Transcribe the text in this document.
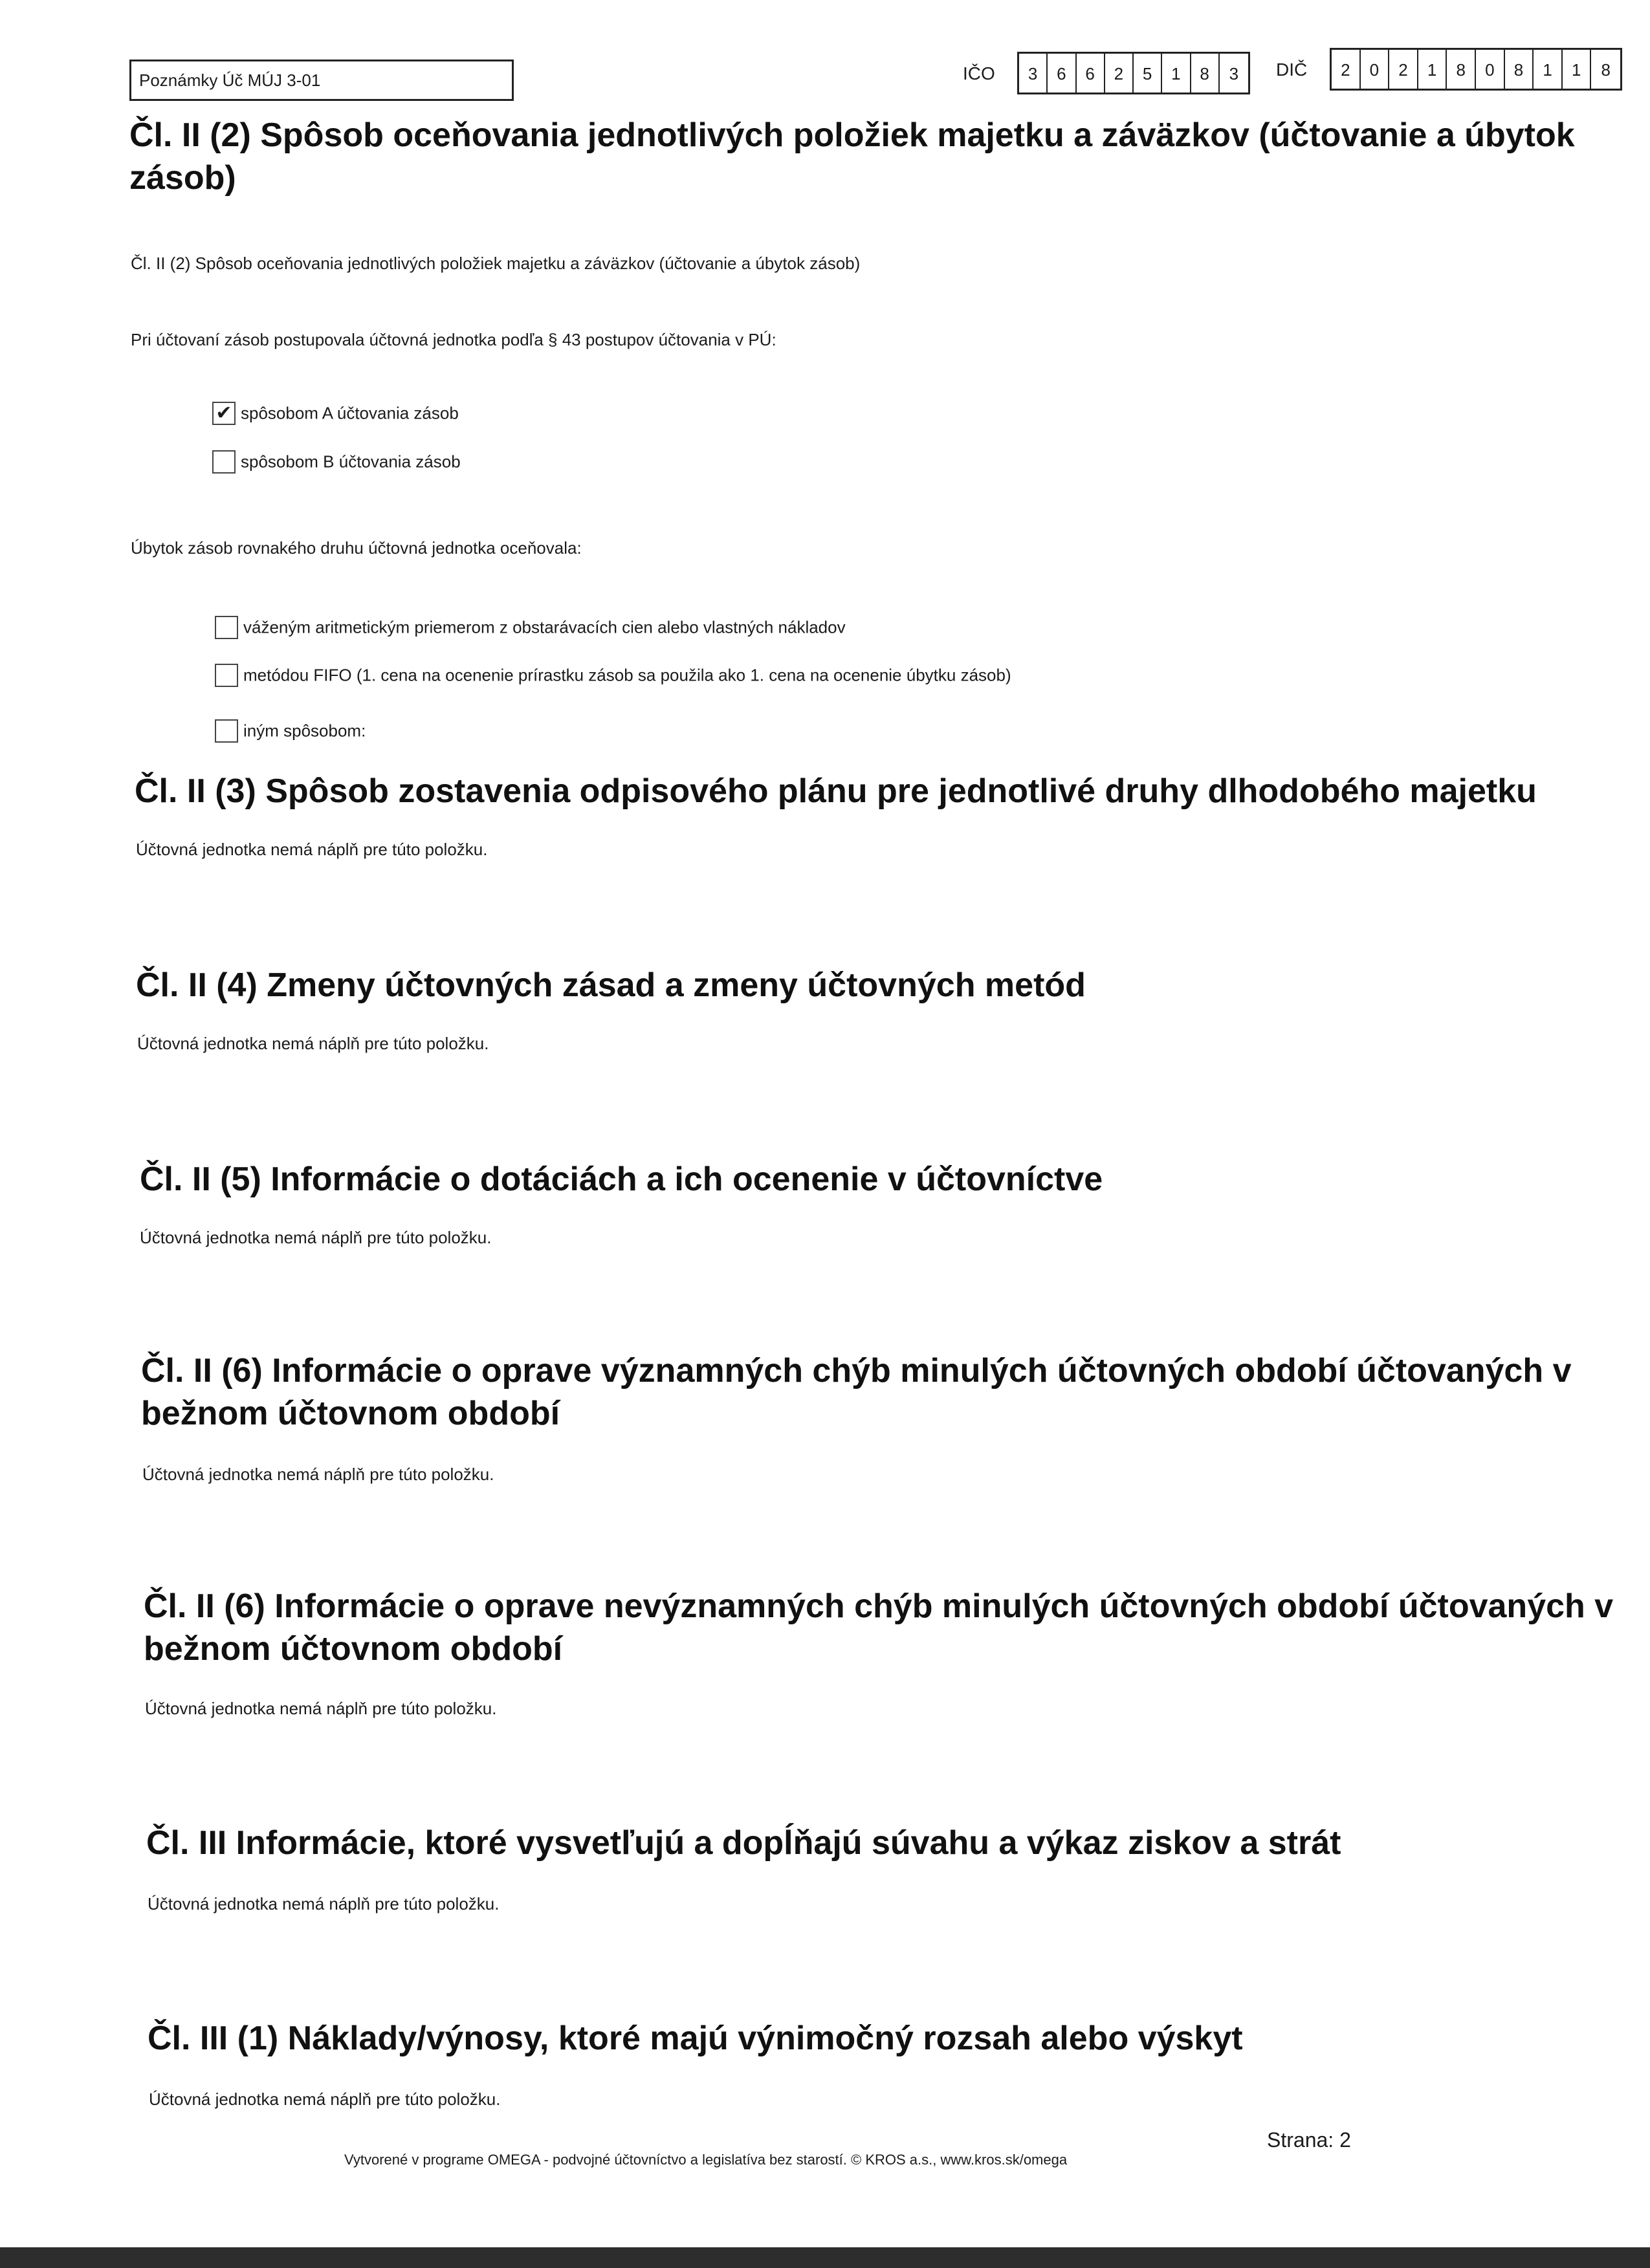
Poznámky Úč MÚJ 3-01	IČO	3	6	6	2	5	1	8	3	DIČ	2	0	2	1	8	0	8	1	1	8
Čl. II (2) Spôsob oceňovania jednotlivých položiek majetku a záväzkov (účtovanie a úbytok
zásob)
Čl. II (2) Spôsob oceňovania jednotlivých položiek majetku a záväzkov (účtovanie a úbytok zásob)
Pri účtovaní zásob postupovala účtovná jednotka podľa § 43 postupov účtovania v PÚ:
✔ spôsobom A účtovania zásob
spôsobom B účtovania zásob
Úbytok zásob rovnakého druhu účtovná jednotka oceňovala:
váženým aritmetickým priemerom z obstarávacích cien alebo vlastných nákladov
metódou FIFO (1. cena na ocenenie prírastku zásob sa použila ako 1. cena na ocenenie úbytku zásob)
iným spôsobom:
Čl. II (3) Spôsob zostavenia odpisového plánu pre jednotlivé druhy dlhodobého majetku
Účtovná jednotka nemá náplň pre túto položku.
Čl. II (4) Zmeny účtovných zásad a zmeny účtovných metód
Účtovná jednotka nemá náplň pre túto položku.
Čl. II (5) Informácie o dotáciách a ich ocenenie v účtovníctve
Účtovná jednotka nemá náplň pre túto položku.
Čl. II (6) Informácie o oprave významných chýb minulých účtovných období účtovaných v
bežnom účtovnom období
Účtovná jednotka nemá náplň pre túto položku.
Čl. II (6) Informácie o oprave nevýznamných chýb minulých účtovných období účtovaných v
bežnom účtovnom období
Účtovná jednotka nemá náplň pre túto položku.
Čl. III Informácie, ktoré vysvetľujú a dopĺňajú súvahu a výkaz ziskov a strát
Účtovná jednotka nemá náplň pre túto položku.
Čl. III (1) Náklady/výnosy, ktoré majú výnimočný rozsah alebo výskyt
Účtovná jednotka nemá náplň pre túto položku.
Vytvorené v programe OMEGA - podvojné účtovníctvo a legislatíva bez starostí. © KROS a.s., www.kros.sk/omega
Strana: 2
